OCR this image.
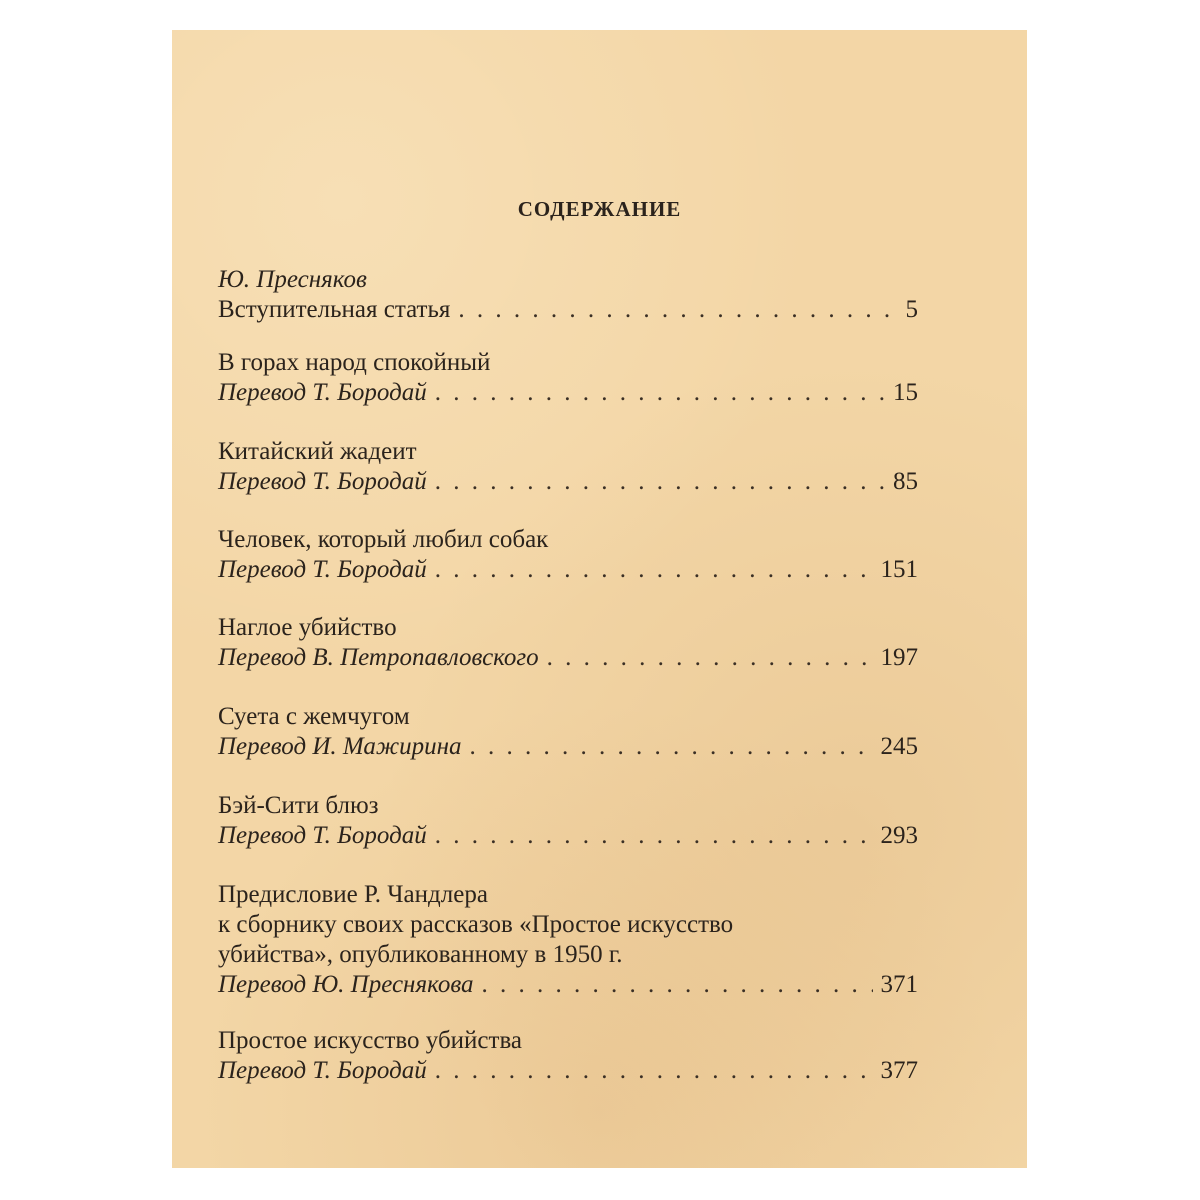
СОДЕРЖАНИЕ
Ю. Пресняков
Вступительная статья . . .	5
В горах народ спокойный
Перевод Т. Бородай . . .	15
Китайский жадеит
Перевод Т. Бородай . . .	85
Человек, который любил собак
Перевод Т. Бородай . . .	151
Наглое убийство
Перевод В. Петропавловского . . .	197
Суета с жемчугом
Перевод И. Мажирина . . .	245
Бэй-Сити блюз
Перевод Т. Бородай . . .	293
Предисловие Р. Чандлера
к сборнику своих рассказов «Простое искусство
убийства», опубликованному в 1950 г.
Перевод Ю. Преснякова . . .	371
Простое искусство убийства
Перевод Т. Бородай . . .	377
